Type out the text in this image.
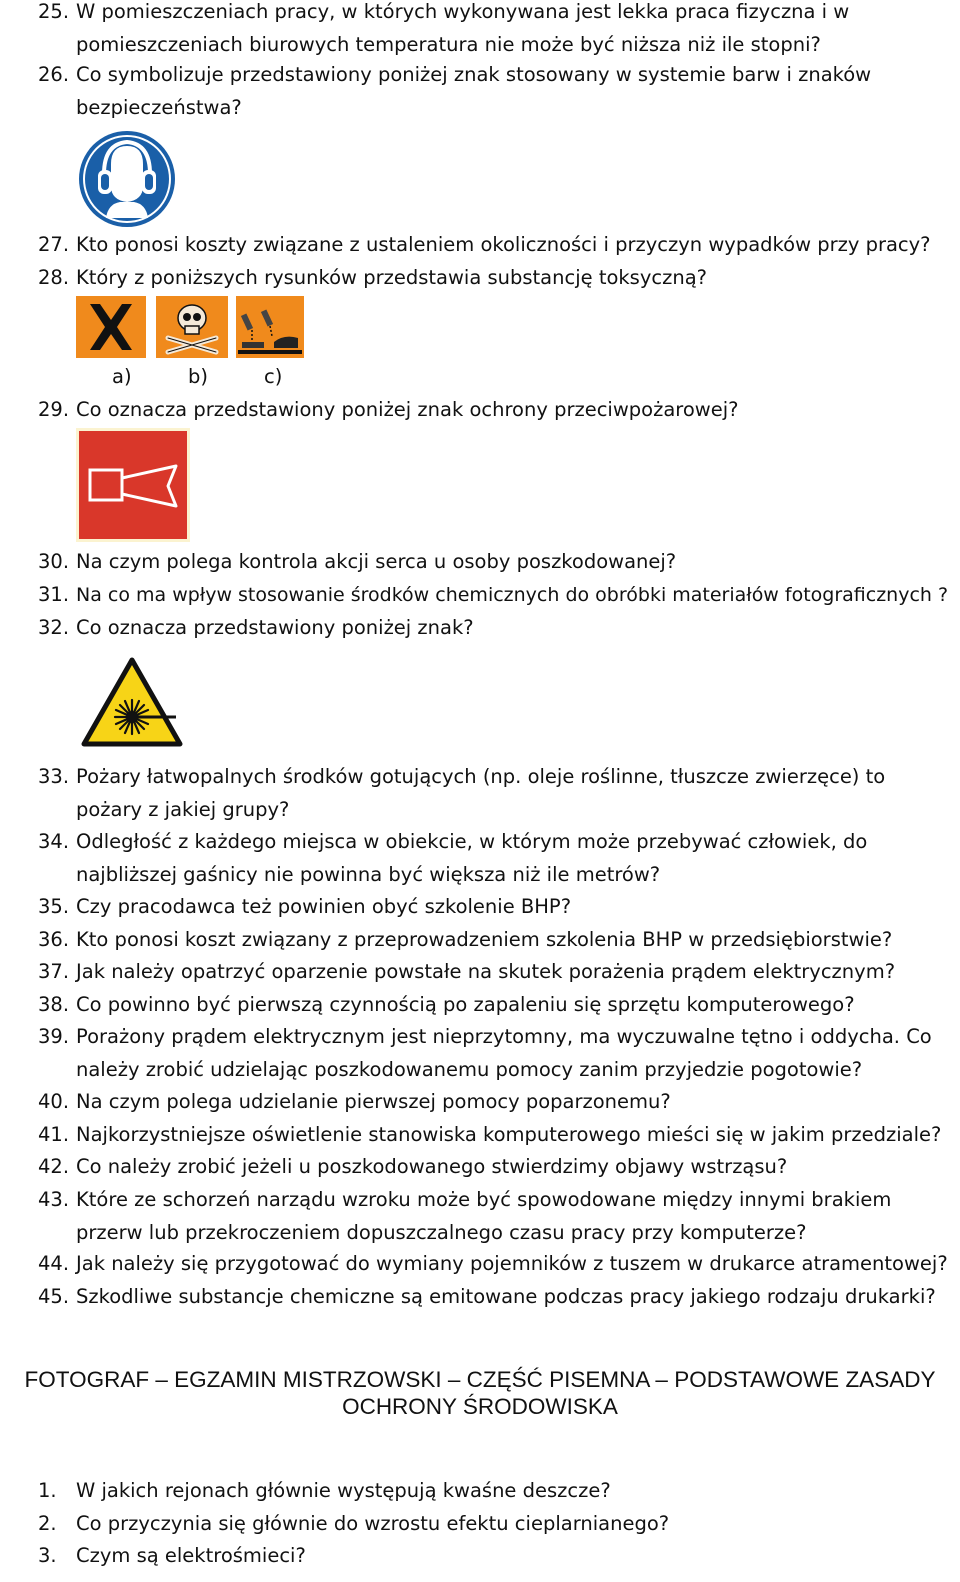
25. W pomieszczeniach pracy, w których wykonywana jest lekka praca fizyczna i w pomieszczeniach biurowych temperatura nie może być niższa niż ile stopni?
26. Co symbolizuje przedstawiony poniżej znak stosowany w systemie barw i znaków bezpieczeństwa?
27. Kto ponosi koszty związane z ustaleniem okoliczności i przyczyn wypadków przy pracy?
28. Który z poniższych rysunków przedstawia substancję toksyczną?
a)	b)	c)
29. Co oznacza przedstawiony poniżej znak ochrony przeciwpożarowej?
30. Na czym polega kontrola akcji serca u osoby poszkodowanej?
31. Na co ma wpływ stosowanie środków chemicznych do obróbki materiałów fotograficznych ?
32. Co oznacza przedstawiony poniżej znak?
33. Pożary łatwopalnych środków gotujących (np. oleje roślinne, tłuszcze zwierzęce) to pożary z jakiej grupy?
34. Odległość z każdego miejsca w obiekcie, w którym może przebywać człowiek, do najbliższej gaśnicy nie powinna być większa niż ile metrów?
35. Czy pracodawca też powinien obyć szkolenie BHP?
36. Kto ponosi koszt związany z przeprowadzeniem szkolenia BHP w przedsiębiorstwie?
37. Jak należy opatrzyć oparzenie powstałe na skutek porażenia prądem elektrycznym?
38. Co powinno być pierwszą czynnością po zapaleniu się sprzętu komputerowego?
39. Porażony prądem elektrycznym jest nieprzytomny, ma wyczuwalne tętno i oddycha. Co należy zrobić udzielając poszkodowanemu pomocy zanim przyjedzie pogotowie?
40. Na czym polega udzielanie pierwszej pomocy poparzonemu?
41. Najkorzystniejsze oświetlenie stanowiska komputerowego mieści się w jakim przedziale?
42. Co należy zrobić jeżeli u poszkodowanego stwierdzimy objawy wstrząsu?
43. Które ze schorzeń narządu wzroku może być spowodowane między innymi brakiem przerw lub przekroczeniem dopuszczalnego czasu pracy przy komputerze?
44. Jak należy się przygotować do wymiany pojemników z tuszem w drukarce atramentowej?
45. Szkodliwe substancje chemiczne są emitowane podczas pracy jakiego rodzaju drukarki?
FOTOGRAF – EGZAMIN MISTRZOWSKI – CZĘŚĆ PISEMNA – PODSTAWOWE ZASADY
OCHRONY ŚRODOWISKA
1. W jakich rejonach głównie występują kwaśne deszcze?
2. Co przyczynia się głównie do wzrostu efektu cieplarnianego?
3. Czym są elektrośmieci?
